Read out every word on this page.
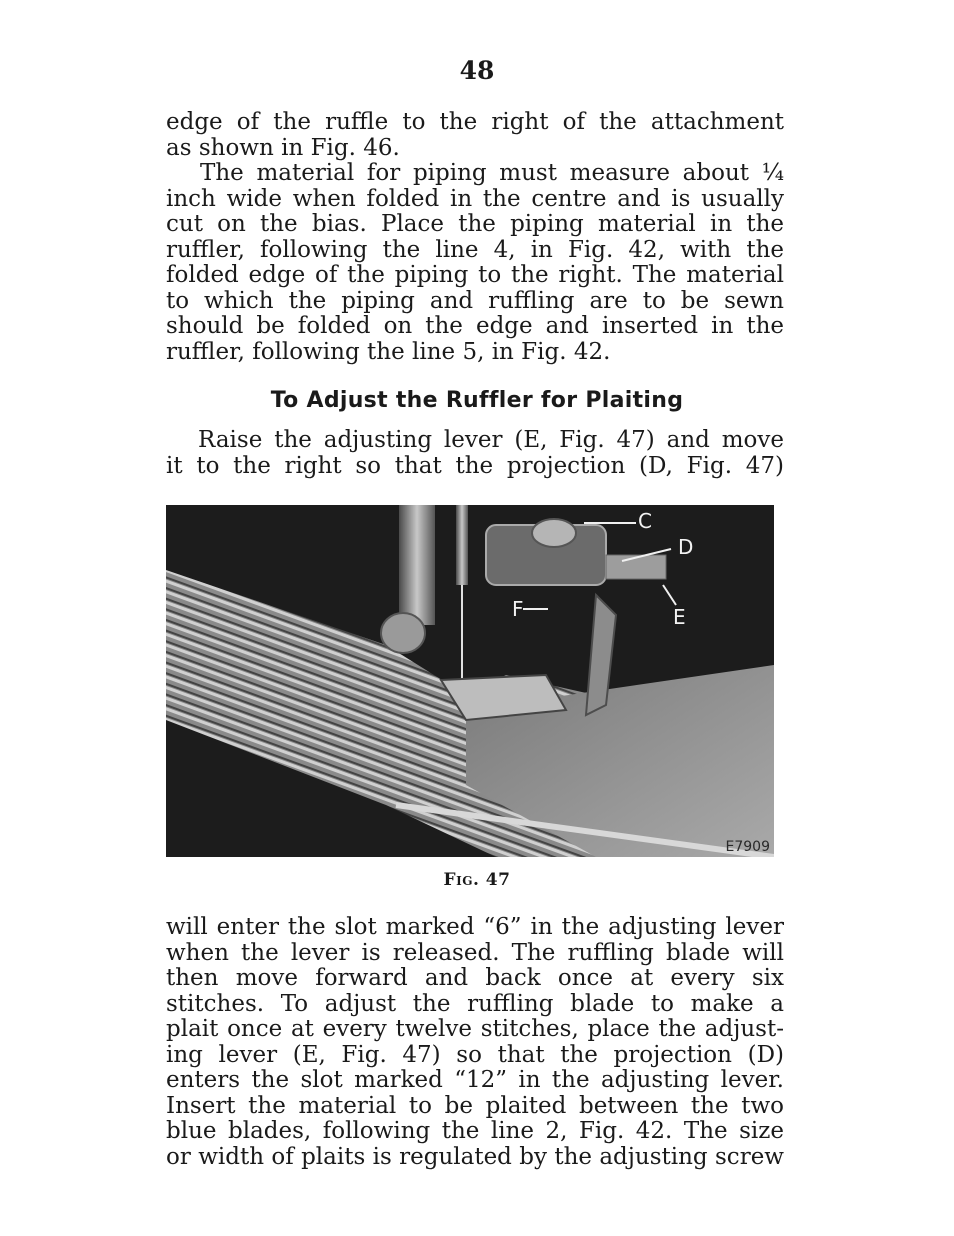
48
edge of the ruffle to the right of the attachment
as shown in Fig. 46.
The material for piping must measure about ¼
inch wide when folded in the centre and is usually
cut on the bias. Place the piping material in the
ruffler, following the line 4, in Fig. 42, with the
folded edge of the piping to the right. The material
to which the piping and ruffling are to be sewn
should be folded on the edge and inserted in the
ruffler, following the line 5, in Fig. 42.
To Adjust the Ruffler for Plaiting
Raise the adjusting lever (E, Fig. 47) and move
it to the right so that the projection (D, Fig. 47)
C
D
E
F
E7909
Fig. 47
will enter the slot marked “6” in the adjusting lever
when the lever is released. The ruffling blade will
then move forward and back once at every six
stitches. To adjust the ruffling blade to make a
plait once at every twelve stitches, place the adjust-
ing lever (E, Fig. 47) so that the projection (D)
enters the slot marked “12” in the adjusting lever.
Insert the material to be plaited between the two
blue blades, following the line 2, Fig. 42. The size
or width of plaits is regulated by the adjusting screw
